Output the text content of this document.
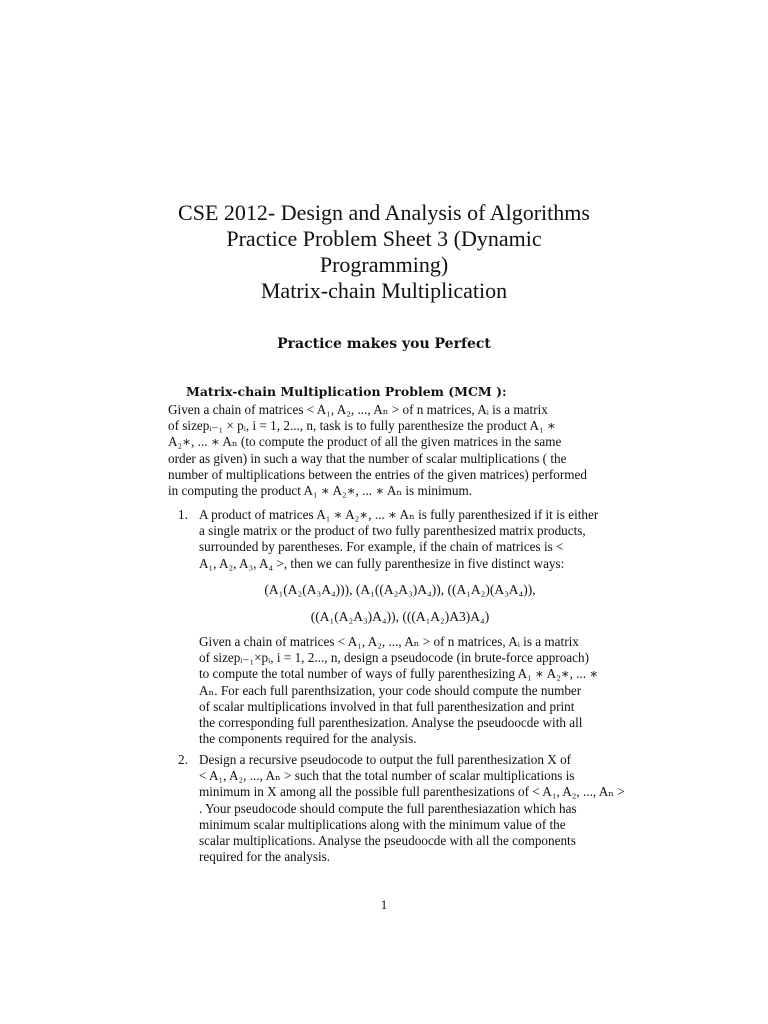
CSE 2012- Design and Analysis of Algorithms
Practice Problem Sheet 3 (Dynamic
Programming)
Matrix-chain Multiplication
Practice makes you Perfect
Matrix-chain Multiplication Problem (MCM ):
Given a chain of matrices < A₁, A₂, ..., Aₙ > of n matrices, Aᵢ is a matrix
of sizepᵢ₋₁ × pᵢ, i = 1, 2..., n, task is to fully parenthesize the product A₁ ∗
A₂∗, ... ∗ Aₙ (to compute the product of all the given matrices in the same
order as given) in such a way that the number of scalar multiplications ( the
number of multiplications between the entries of the given matrices) performed
in computing the product A₁ ∗ A₂∗, ... ∗ Aₙ is minimum.
1. A product of matrices A₁ ∗ A₂∗, ... ∗ Aₙ is fully parenthesized if it is either
a single matrix or the product of two fully parenthesized matrix products,
surrounded by parentheses. For example, if the chain of matrices is <
A₁, A₂, A₃, A₄ >, then we can fully parenthesize in five distinct ways:
(A₁(A₂(A₃A₄))), (A₁((A₂A₃)A₄)), ((A₁A₂)(A₃A₄)),
((A₁(A₂A₃)A₄)), (((A₁A₂)A3)A₄)
Given a chain of matrices < A₁, A₂, ..., Aₙ > of n matrices, Aᵢ is a matrix
of sizepᵢ₋₁×pᵢ, i = 1, 2..., n, design a pseudocode (in brute-force approach)
to compute the total number of ways of fully parenthesizing A₁ ∗ A₂∗, ... ∗
Aₙ. For each full parenthsization, your code should compute the number
of scalar multiplications involved in that full parenthesization and print
the corresponding full parenthesization. Analyse the pseudoocde with all
the components required for the analysis.
2. Design a recursive pseudocode to output the full parenthesization X of
< A₁, A₂, ..., Aₙ > such that the total number of scalar multiplications is
minimum in X among all the possible full parenthesizations of < A₁, A₂, ..., Aₙ >
. Your pseudocode should compute the full parenthesiazation which has
minimum scalar multiplications along with the minimum value of the
scalar multiplications. Analyse the pseudoocde with all the components
required for the analysis.
1
